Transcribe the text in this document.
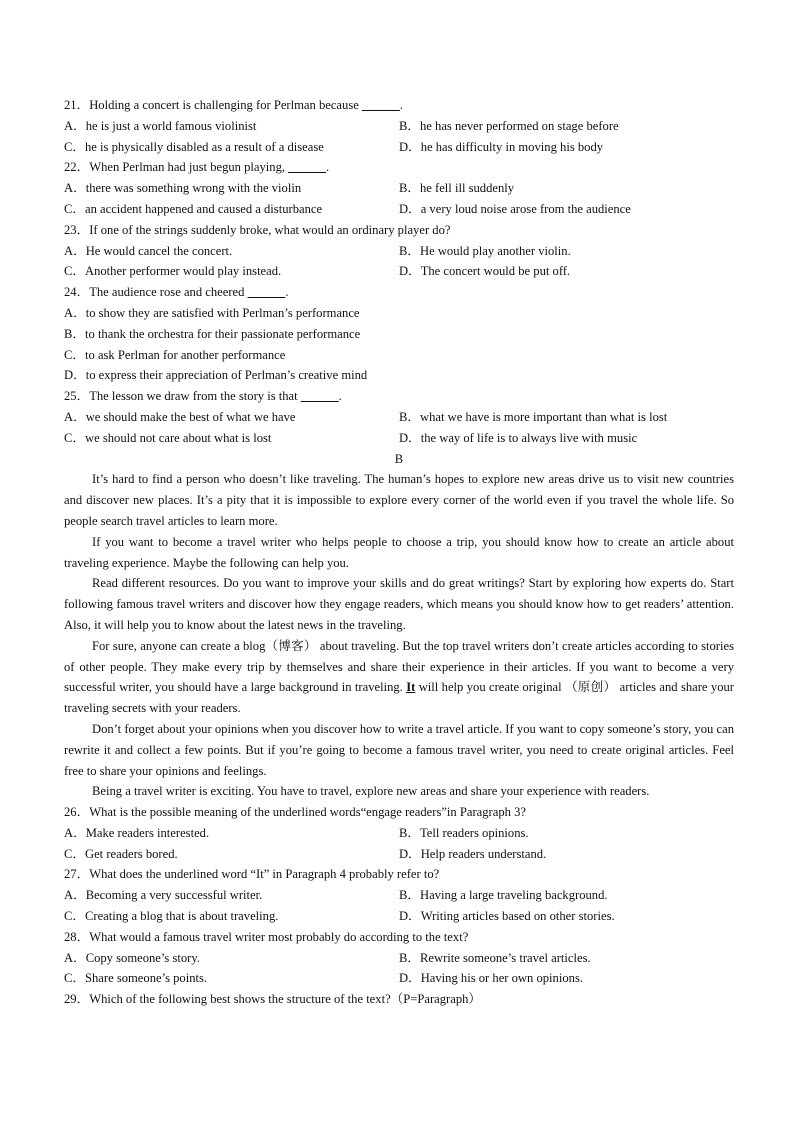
21．Holding a concert is challenging for Perlman because ______.
A．he is just a world famous violinist	B．he has never performed on stage before
C．he is physically disabled as a result of a disease	D．he has difficulty in moving his body
22．When Perlman had just begun playing, ______.
A．there was something wrong with the violin	B．he fell ill suddenly
C．an accident happened and caused a disturbance	D．a very loud noise arose from the audience
23．If one of the strings suddenly broke, what would an ordinary player do?
A．He would cancel the concert.	B．He would play another violin.
C．Another performer would play instead.	D．The concert would be put off.
24．The audience rose and cheered ______.
A．to show they are satisfied with Perlman’s performance
B．to thank the orchestra for their passionate performance
C．to ask Perlman for another performance
D．to express their appreciation of Perlman’s creative mind
25．The lesson we draw from the story is that ______.
A．we should make the best of what we have	B．what we have is more important than what is lost
C．we should not care about what is lost	D．the way of life is to always live with music
B

It’s hard to find a person who doesn’t like traveling. The human’s hopes to explore new areas drive us to visit new countries and discover new places. It’s a pity that it is impossible to explore every corner of the world even if you travel the whole life. So people search travel articles to learn more.

If you want to become a travel writer who helps people to choose a trip, you should know how to create an article about traveling experience. Maybe the following can help you.

Read different resources. Do you want to improve your skills and do great writings? Start by exploring how experts do. Start following famous travel writers and discover how they engage readers, which means you should know how to get readers’ attention. Also, it will help you to know about the latest news in the traveling.

For sure, anyone can create a blog（博客） about traveling. But the top travel writers don’t create articles according to stories of other people. They make every trip by themselves and share their experience in their articles. If you want to become a very successful writer, you should have a large background in traveling. It will help you create original （原创） articles and share your traveling secrets with your readers.

Don’t forget about your opinions when you discover how to write a travel article. If you want to copy someone’s story, you can rewrite it and collect a few points. But if you’re going to become a famous travel writer, you need to create original articles. Feel free to share your opinions and feelings.

Being a travel writer is exciting. You have to travel, explore new areas and share your experience with readers.

26．What is the possible meaning of the underlined words“engage readers”in Paragraph 3?
A．Make readers interested.	B．Tell readers opinions.
C．Get readers bored.	D．Help readers understand.
27．What does the underlined word “It” in Paragraph 4 probably refer to?
A．Becoming a very successful writer.	B．Having a large traveling background.
C．Creating a blog that is about traveling.	D．Writing articles based on other stories.
28．What would a famous travel writer most probably do according to the text?
A．Copy someone’s story.	B．Rewrite someone’s travel articles.
C．Share someone’s points.	D．Having his or her own opinions.
29．Which of the following best shows the structure of the text?（P=Paragraph）
